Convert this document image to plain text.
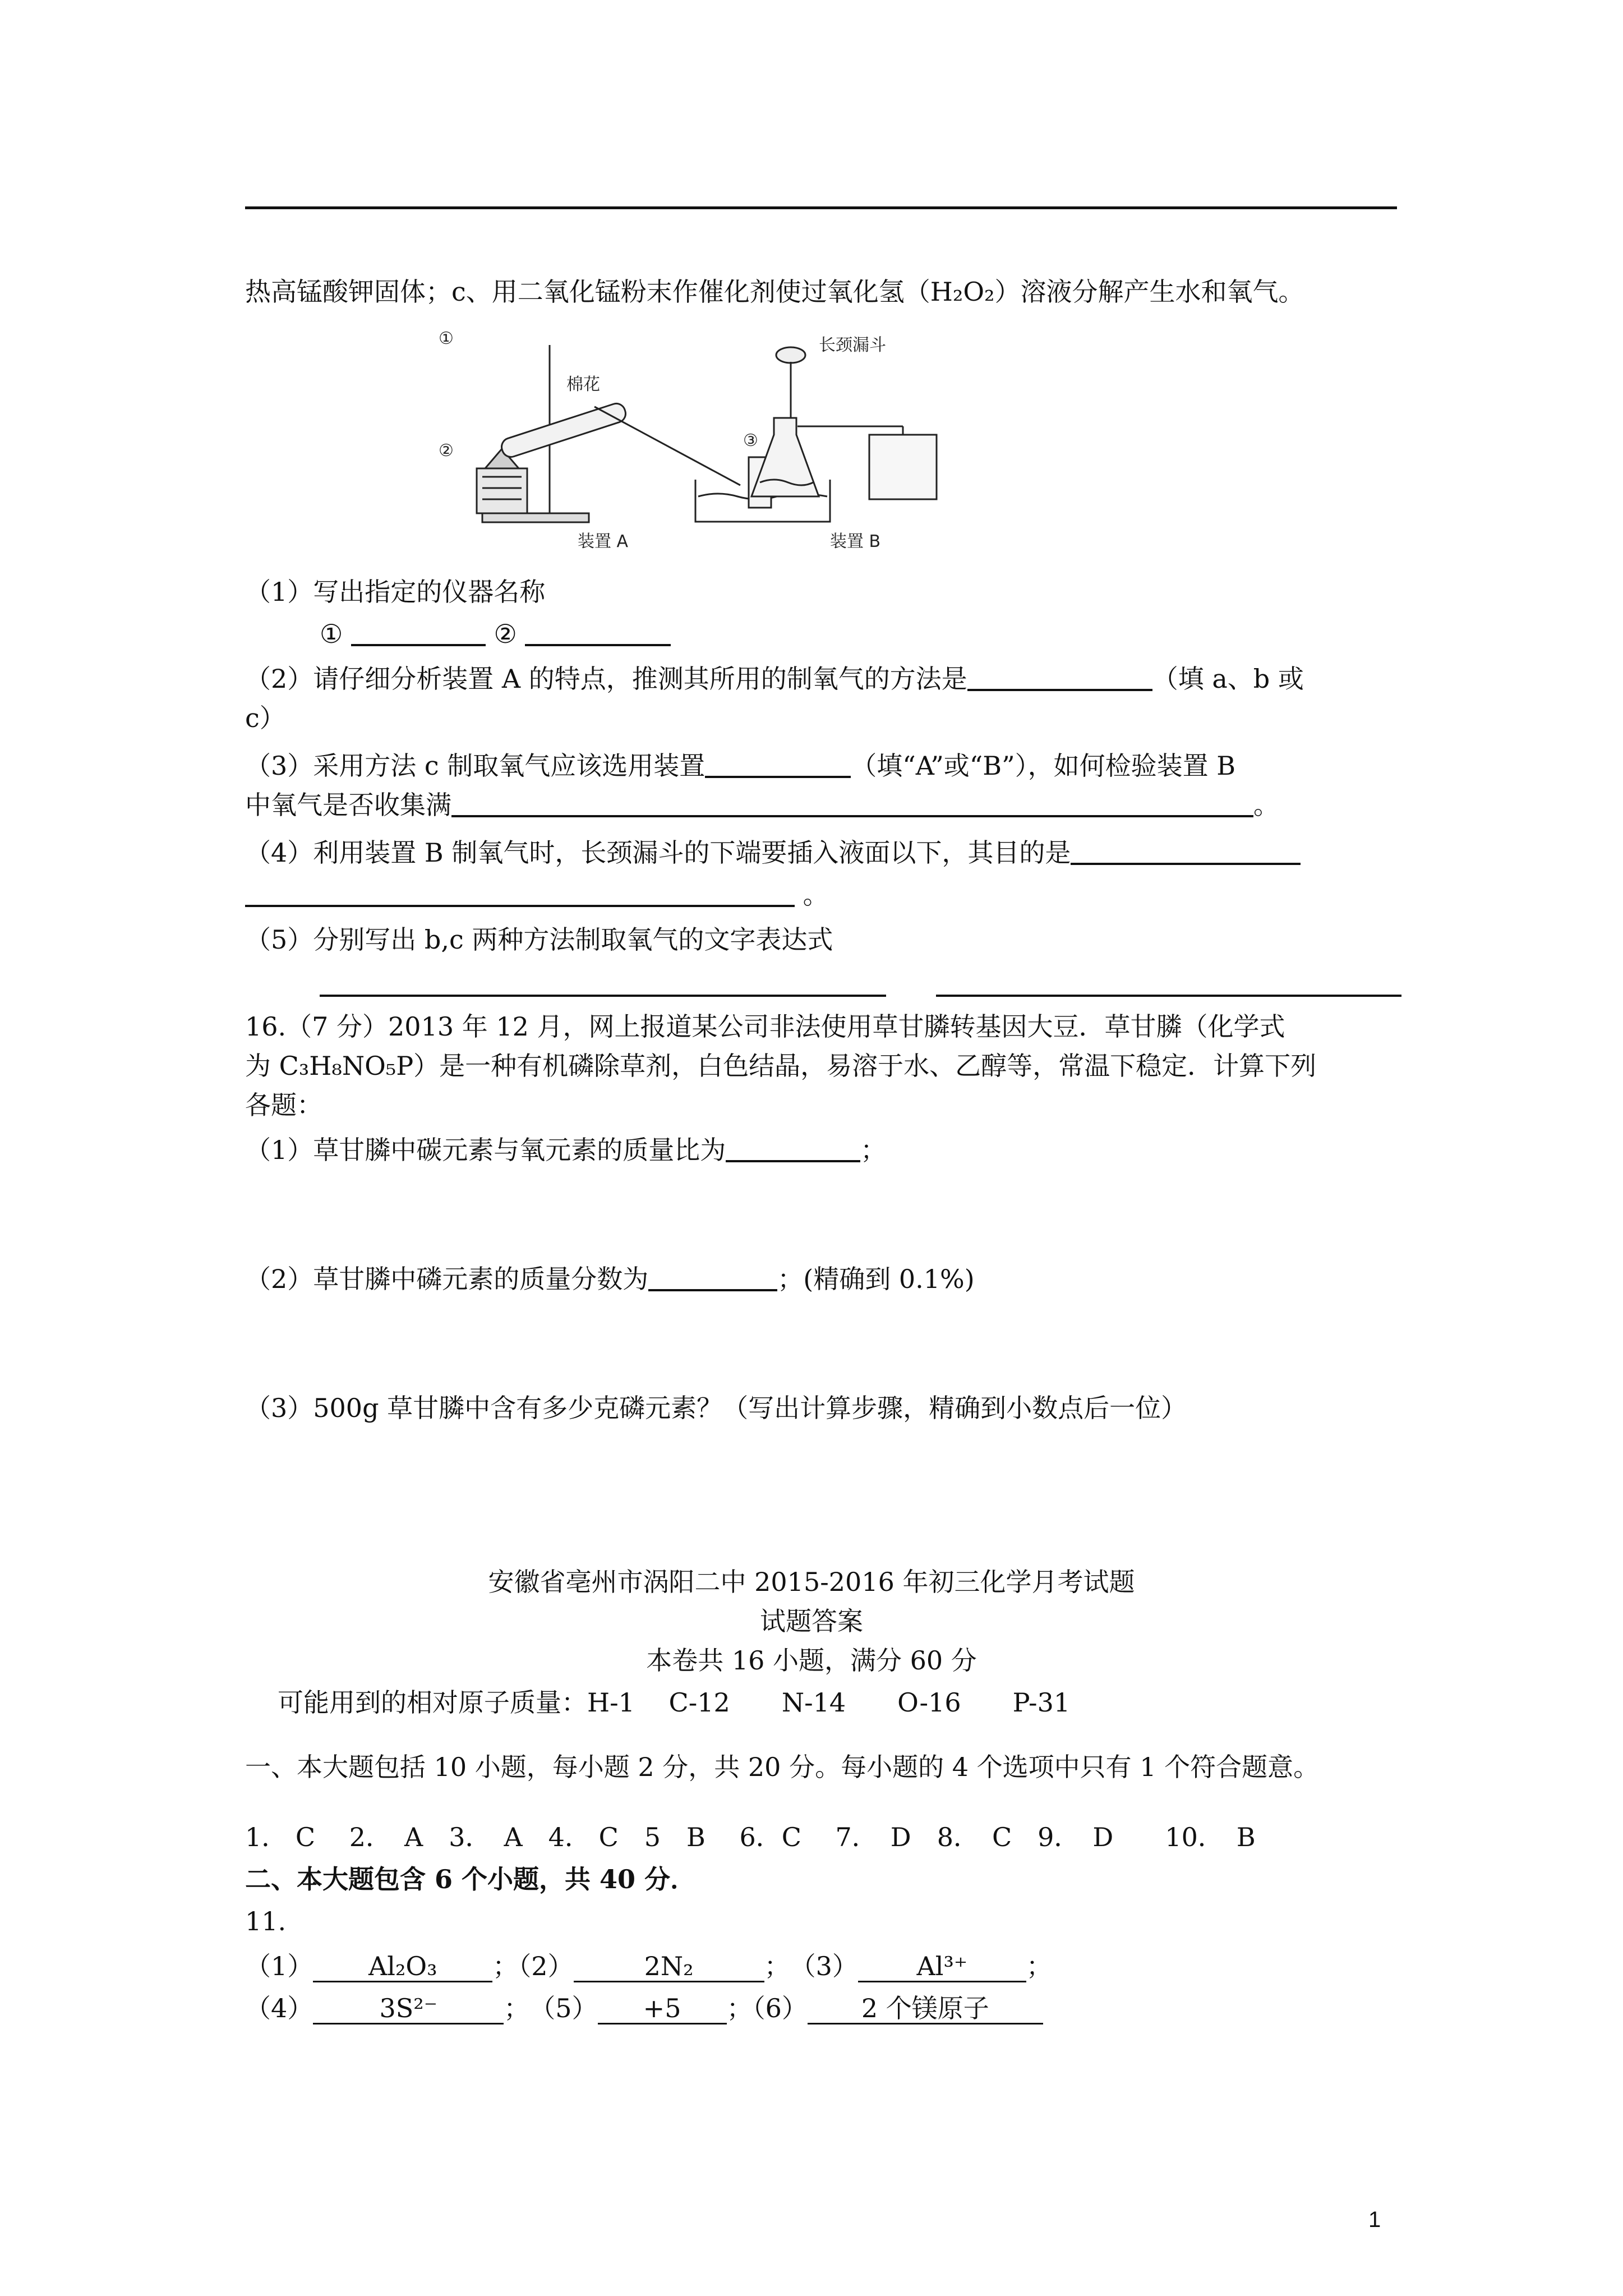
热高锰酸钾固体；c、用二氧化锰粉末作催化剂使过氧化氢（H₂O₂）溶液分解产生水和氧气。
①
②
③
棉花
长颈漏斗
装置 A	装置 B
（1）写出指定的仪器名称
①	②
（2）请仔细分析装置 A 的特点，推测其所用的制氧气的方法是	（填 a、b 或
c）
（3）采用方法 c 制取氧气应该选用装置	（填“A”或“B”），如何检验装置 B
中氧气是否收集满	。
（4）利用装置 B 制氧气时，长颈漏斗的下端要插入液面以下，其目的是
。
（5）分别写出 b,c 两种方法制取氧气的文字表达式

16.（7 分）2013 年 12 月，网上报道某公司非法使用草甘膦转基因大豆．草甘膦（化学式
为 C₃H₈NO₅P）是一种有机磷除草剂，白色结晶，易溶于水、乙醇等，常温下稳定．计算下列
各题：
（1）草甘膦中碳元素与氧元素的质量比为	；
（2）草甘膦中磷元素的质量分数为	；(精确到 0.1%)
（3）500g 草甘膦中含有多少克磷元素？（写出计算步骤，精确到小数点后一位）
安徽省亳州市涡阳二中 2015-2016 年初三化学月考试题
试题答案
本卷共 16 小题，满分 60 分
可能用到的相对原子质量：H-1　 C-12　　N-14　　O-16　　P-31
一、本大题包括 10 小题，每小题 2 分，共 20 分。每小题的 4 个选项中只有 1 个符合题意。
1． C　 2．　A　3．　A　4． C　5　B　 6．C　 7．　D　8．　C　9．　D　　10．　B
二、本大题包含 6 个小题，共 40 分．
11.
（1） Al₂O₃ ；（2）	2N₂	；　（3） Al³⁺ ；
（4）	3S²⁻	；　（5） +5 ；（6） 2 个镁原子
1
